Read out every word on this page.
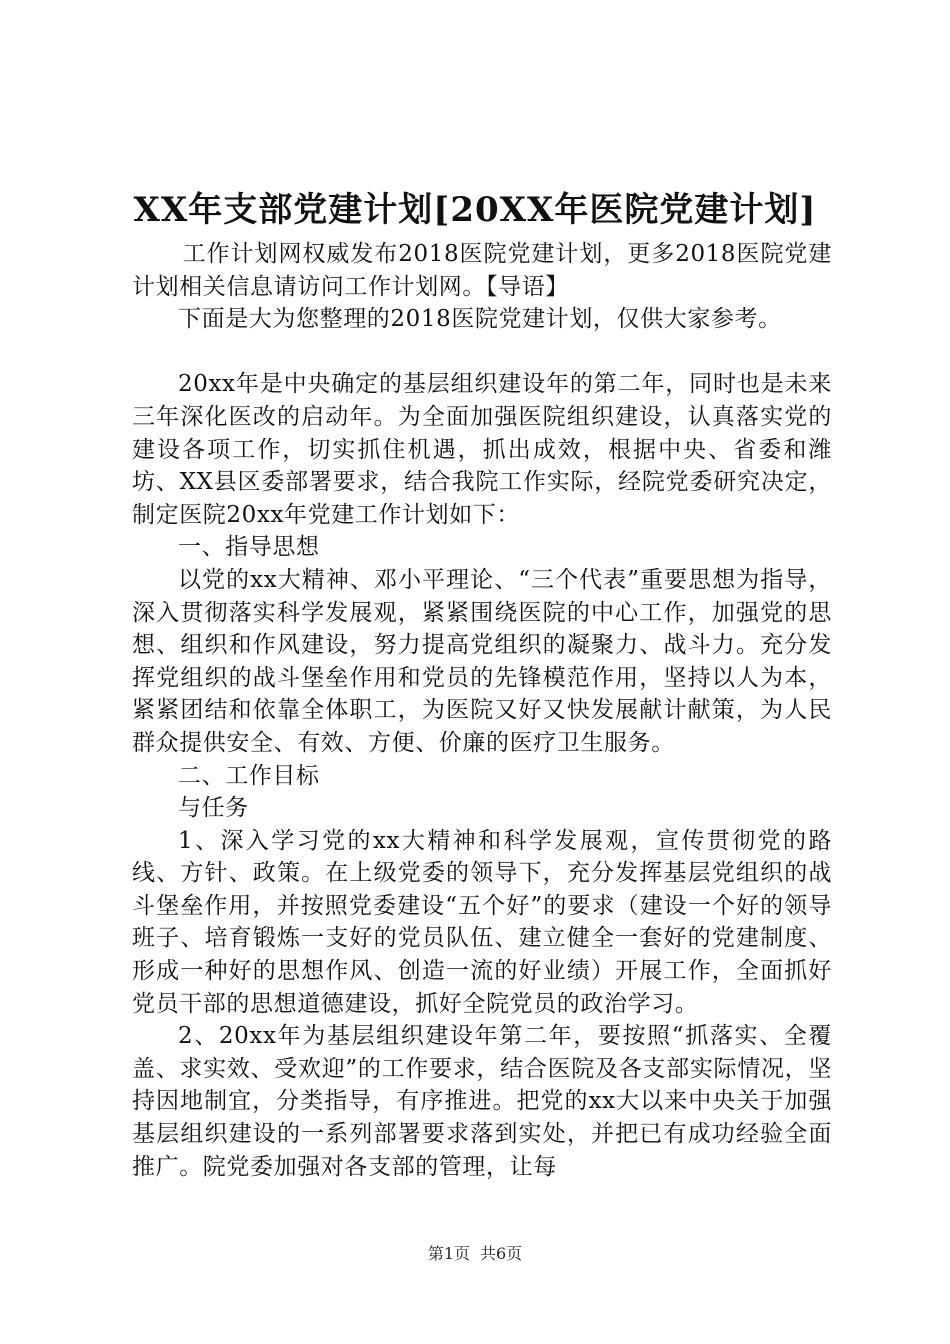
XX年支部党建计划[20XX年医院党建计划]

工作计划网权威发布2018医院党建计划，更多2018医院党建计划相关信息请访问工作计划网。【导语】

下面是大为您整理的2018医院党建计划，仅供大家参考。

20xx年是中央确定的基层组织建设年的第二年，同时也是未来三年深化医改的启动年。为全面加强医院组织建设，认真落实党的建设各项工作，切实抓住机遇，抓出成效，根据中央、省委和潍坊、XX县区委部署要求，结合我院工作实际，经院党委研究决定，制定医院20xx年党建工作计划如下：

一、指导思想

以党的xx大精神、邓小平理论、“三个代表”重要思想为指导，深入贯彻落实科学发展观，紧紧围绕医院的中心工作，加强党的思想、组织和作风建设，努力提高党组织的凝聚力、战斗力。充分发挥党组织的战斗堡垒作用和党员的先锋模范作用，坚持以人为本，紧紧团结和依靠全体职工，为医院又好又快发展献计献策，为人民群众提供安全、有效、方便、价廉的医疗卫生服务。

二、工作目标

与任务

1、深入学习党的xx大精神和科学发展观，宣传贯彻党的路线、方针、政策。在上级党委的领导下，充分发挥基层党组织的战斗堡垒作用，并按照党委建设“五个好”的要求（建设一个好的领导班子、培育锻炼一支好的党员队伍、建立健全一套好的党建制度、形成一种好的思想作风、创造一流的好业绩）开展工作，全面抓好党员干部的思想道德建设，抓好全院党员的政治学习。

2、20xx年为基层组织建设年第二年，要按照“抓落实、全覆盖、求实效、受欢迎”的工作要求，结合医院及各支部实际情况，坚持因地制宜，分类指导，有序推进。把党的xx大以来中央关于加强基层组织建设的一系列部署要求落到实处，并把已有成功经验全面推广。院党委加强对各支部的管理，让每

第1页 共6页
